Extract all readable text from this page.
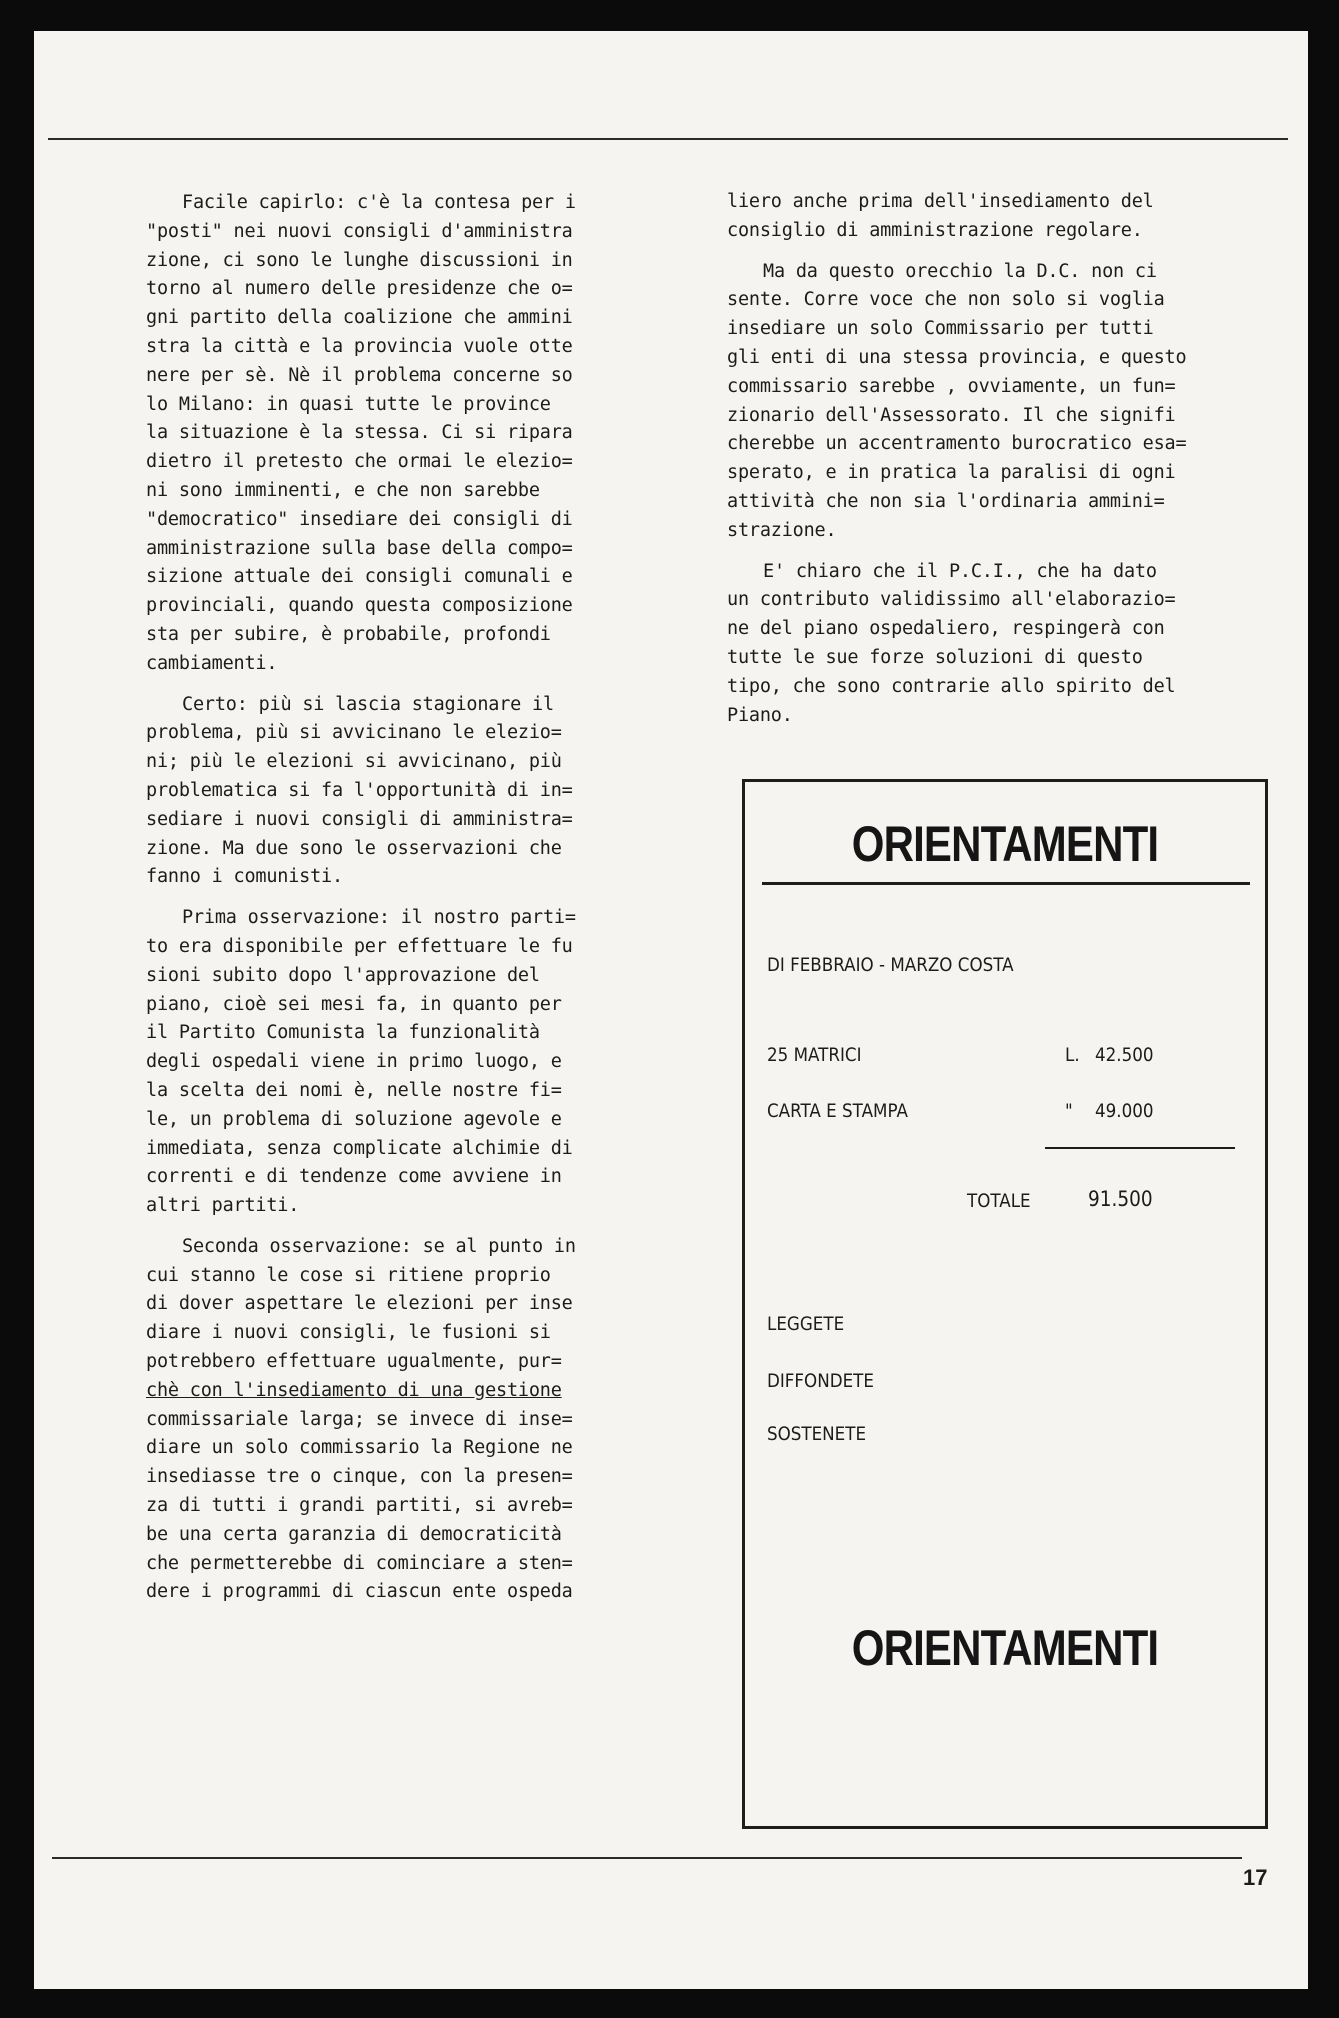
Facile capirlo: c'è la contesa per i
"posti" nei nuovi consigli d'amministra
zione, ci sono le lunghe discussioni in
torno al numero delle presidenze che o=
gni partito della coalizione che ammini
stra la città e la provincia vuole otte
nere per sè. Nè il problema concerne so
lo Milano: in quasi tutte le province
la situazione è la stessa. Ci si ripara
dietro il pretesto che ormai le elezio=
ni sono imminenti, e che non sarebbe
"democratico" insediare dei consigli di
amministrazione sulla base della compo=
sizione attuale dei consigli comunali e
provinciali, quando questa composizione
sta per subire, è probabile, profondi
cambiamenti.
Certo: più si lascia stagionare il
problema, più si avvicinano le elezio=
ni; più le elezioni si avvicinano, più
problematica si fa l'opportunità di in=
sediare i nuovi consigli di amministra=
zione. Ma due sono le osservazioni che
fanno i comunisti.
Prima osservazione: il nostro parti=
to era disponibile per effettuare le fu
sioni subito dopo l'approvazione del
piano, cioè sei mesi fa, in quanto per
il Partito Comunista la funzionalità
degli ospedali viene in primo luogo, e
la scelta dei nomi è, nelle nostre fi=
le, un problema di soluzione agevole e
immediata, senza complicate alchimie di
correnti e di tendenze come avviene in
altri partiti.
Seconda osservazione: se al punto in
cui stanno le cose si ritiene proprio
di dover aspettare le elezioni per inse
diare i nuovi consigli, le fusioni si
potrebbero effettuare ugualmente, pur=
chè con l'insediamento di una gestione
commissariale larga; se invece di inse=
diare un solo commissario la Regione ne
insediasse tre o cinque, con la presen=
za di tutti i grandi partiti, si avreb=
be una certa garanzia di democraticità
che permetterebbe di cominciare a sten=
dere i programmi di ciascun ente ospeda
liero anche prima dell'insediamento del
consiglio di amministrazione regolare.
Ma da questo orecchio la D.C. non ci
sente. Corre voce che non solo si voglia
insediare un solo Commissario per tutti
gli enti di una stessa provincia, e questo
commissario sarebbe , ovviamente, un fun=
zionario dell'Assessorato. Il che signifi
cherebbe un accentramento burocratico esa=
sperato, e in pratica la paralisi di ogni
attività che non sia l'ordinaria ammini=
strazione.
E' chiaro che il P.C.I., che ha dato
un contributo validissimo all'elaborazio=
ne del piano ospedaliero, respingerà con
tutte le sue forze soluzioni di questo
tipo, che sono contrarie allo spirito del
Piano.
ORIENTAMENTI
DI FEBBRAIO - MARZO COSTA
25 MATRICI	L. 42.500
CARTA E STAMPA	" 49.000
TOTALE	91.500
LEGGETE
DIFFONDETE
SOSTENETE
ORIENTAMENTI
17
